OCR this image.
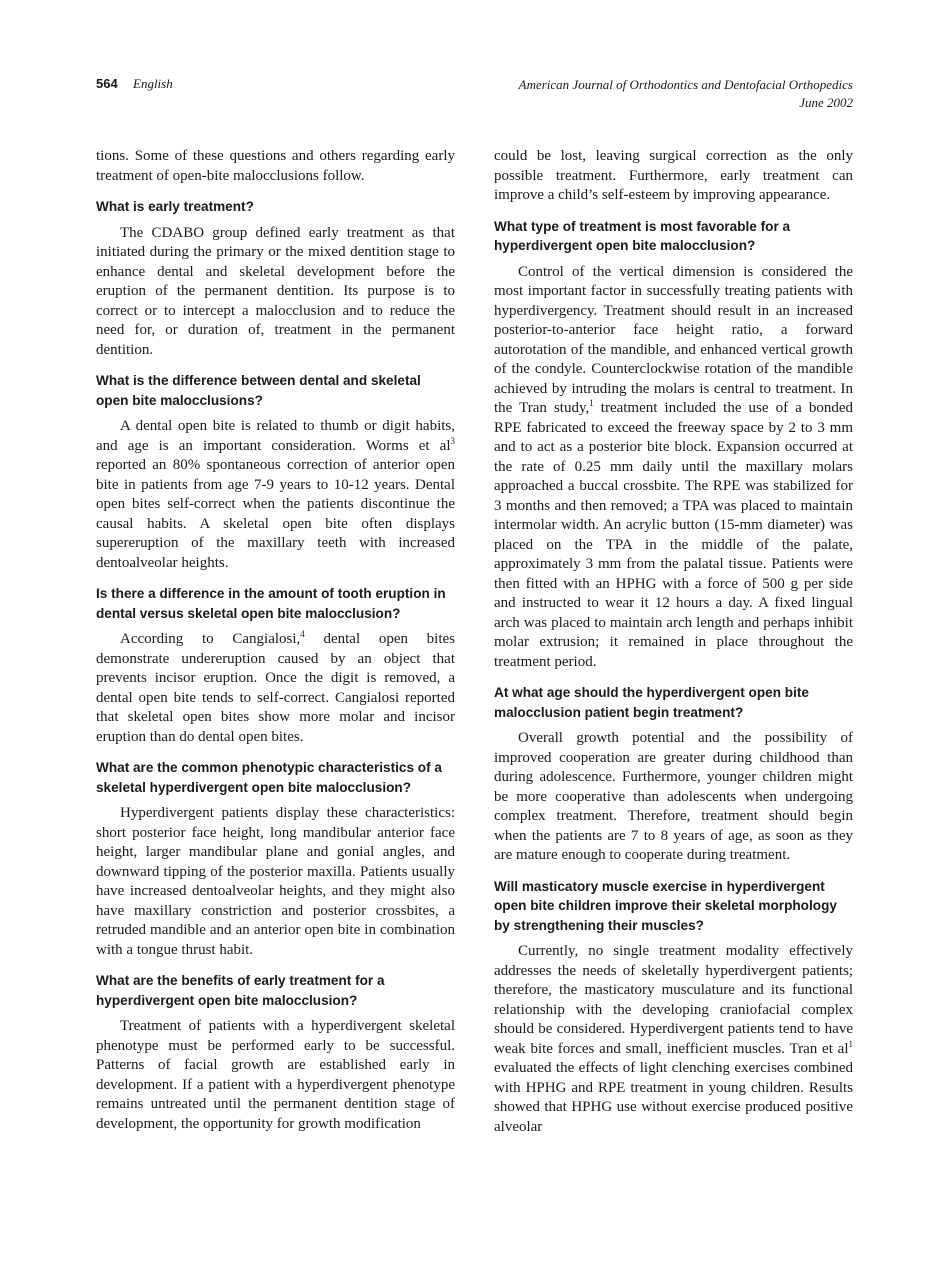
564 English	American Journal of Orthodontics and Dentofacial Orthopedics
June 2002

tions. Some of these questions and others regarding early treatment of open-bite malocclusions follow.

What is early treatment?

The CDABO group defined early treatment as that initiated during the primary or the mixed dentition stage to enhance dental and skeletal development before the eruption of the permanent dentition. Its purpose is to correct or to intercept a malocclusion and to reduce the need for, or duration of, treatment in the permanent dentition.

What is the difference between dental and skeletal open bite malocclusions?

A dental open bite is related to thumb or digit habits, and age is an important consideration. Worms et $al^3$ reported an 80% spontaneous correction of anterior open bite in patients from age 7-9 years to 10-12 years. Dental open bites self-correct when the patients discontinue the causal habits. A skeletal open bite often displays supereruption of the maxillary teeth with increased dentoalveolar heights.

Is there a difference in the amount of tooth eruption in dental versus skeletal open bite malocclusion?

According to Cangialosi,$^4$ dental open bites demonstrate undereruption caused by an object that prevents incisor eruption. Once the digit is removed, a dental open bite tends to self-correct. Cangialosi reported that skeletal open bites show more molar and incisor eruption than do dental open bites.

What are the common phenotypic characteristics of a skeletal hyperdivergent open bite malocclusion?

Hyperdivergent patients display these characteristics: short posterior face height, long mandibular anterior face height, larger mandibular plane and gonial angles, and downward tipping of the posterior maxilla. Patients usually have increased dentoalveolar heights, and they might also have maxillary constriction and posterior crossbites, a retruded mandible and an anterior open bite in combination with a tongue thrust habit.

What are the benefits of early treatment for a hyperdivergent open bite malocclusion?

Treatment of patients with a hyperdivergent skeletal phenotype must be performed early to be successful. Patterns of facial growth are established early in development. If a patient with a hyperdivergent phenotype remains untreated until the permanent dentition stage of development, the opportunity for growth modification

could be lost, leaving surgical correction as the only possible treatment. Furthermore, early treatment can improve a child’s self-esteem by improving appearance.

What type of treatment is most favorable for a hyperdivergent open bite malocclusion?

Control of the vertical dimension is considered the most important factor in successfully treating patients with hyperdivergency. Treatment should result in an increased posterior-to-anterior face height ratio, a forward autorotation of the mandible, and enhanced vertical growth of the condyle. Counterclockwise rotation of the mandible achieved by intruding the molars is central to treatment. In the Tran study,$^1$ treatment included the use of a bonded RPE fabricated to exceed the freeway space by 2 to 3 mm and to act as a posterior bite block. Expansion occurred at the rate of 0.25 mm daily until the maxillary molars approached a buccal crossbite. The RPE was stabilized for 3 months and then removed; a TPA was placed to maintain intermolar width. An acrylic button (15-mm diameter) was placed on the TPA in the middle of the palate, approximately 3 mm from the palatal tissue. Patients were then fitted with an HPHG with a force of 500 g per side and instructed to wear it 12 hours a day. A fixed lingual arch was placed to maintain arch length and perhaps inhibit molar extrusion; it remained in place throughout the treatment period.

At what age should the hyperdivergent open bite malocclusion patient begin treatment?

Overall growth potential and the possibility of improved cooperation are greater during childhood than during adolescence. Furthermore, younger children might be more cooperative than adolescents when undergoing complex treatment. Therefore, treatment should begin when the patients are 7 to 8 years of age, as soon as they are mature enough to cooperate during treatment.

Will masticatory muscle exercise in hyperdivergent open bite children improve their skeletal morphology by strengthening their muscles?

Currently, no single treatment modality effectively addresses the needs of skeletally hyperdivergent patients; therefore, the masticatory musculature and its functional relationship with the developing craniofacial complex should be considered. Hyperdivergent patients tend to have weak bite forces and small, inefficient muscles. Tran et $al^1$ evaluated the effects of light clenching exercises combined with HPHG and RPE treatment in young children. Results showed that HPHG use without exercise produced positive alveolar
